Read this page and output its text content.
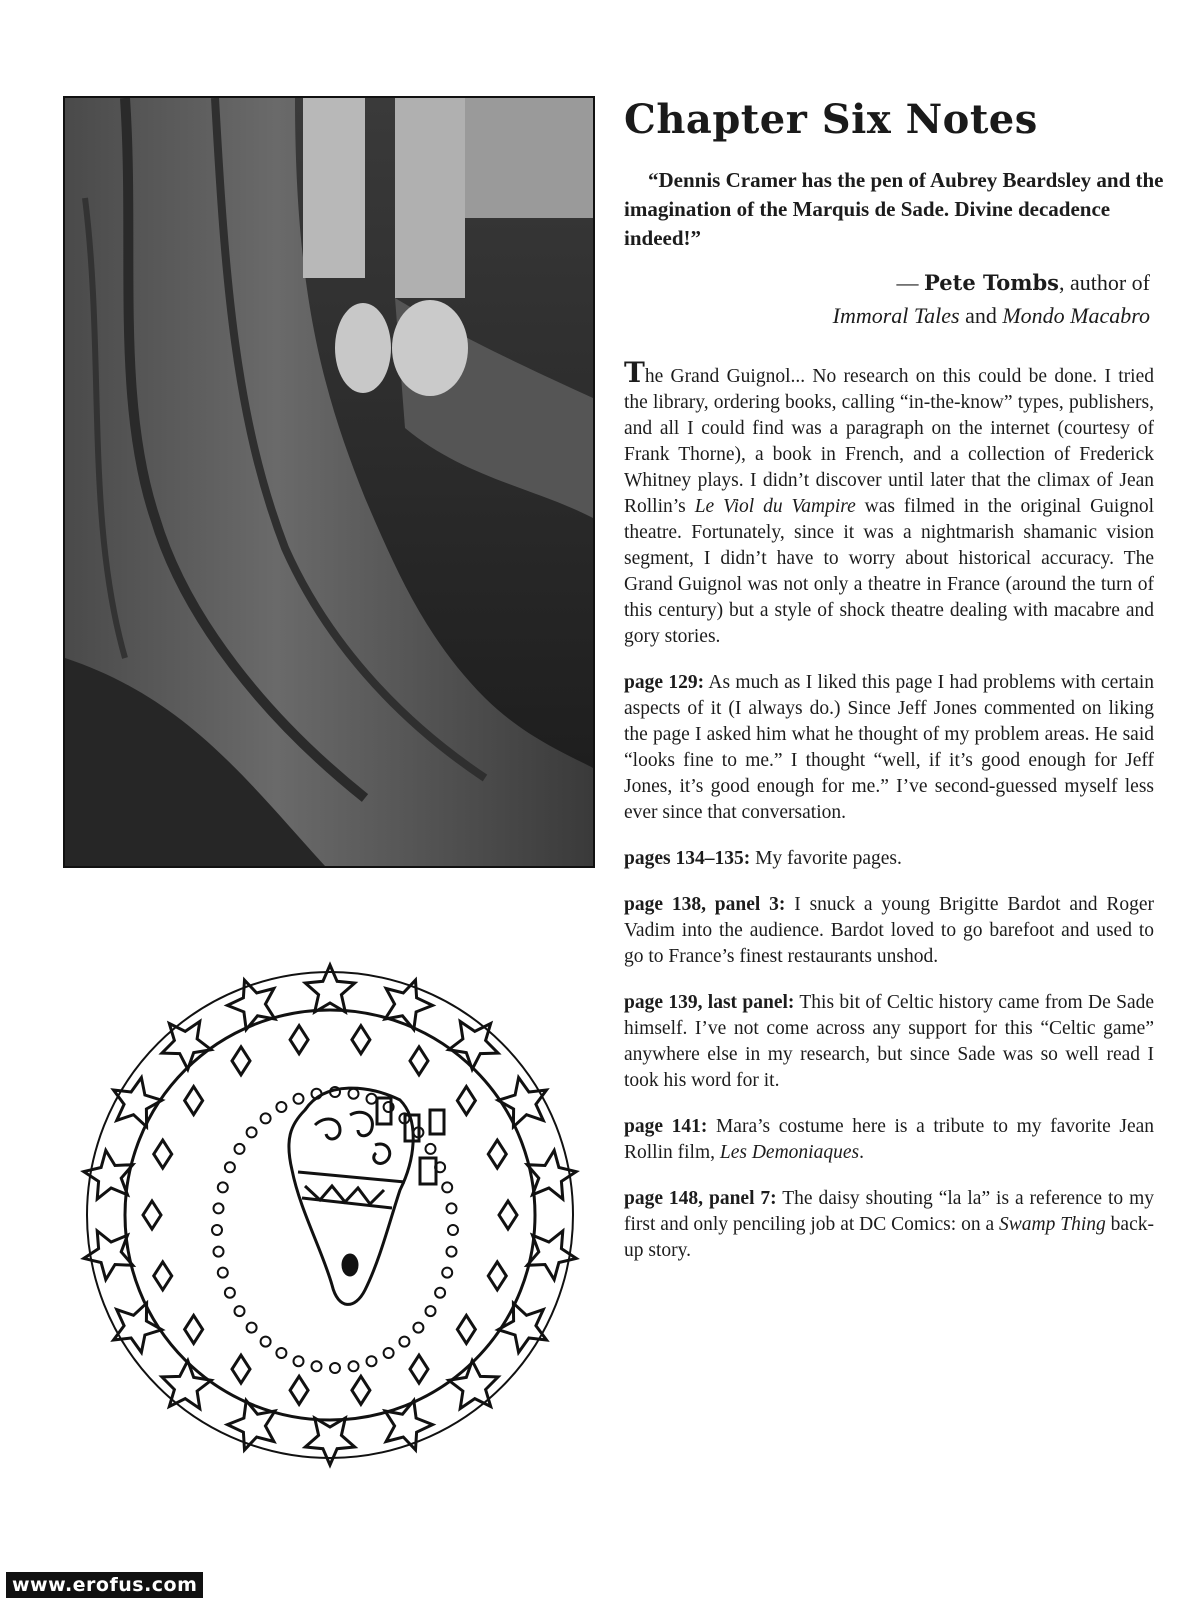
Chapter Six Notes
“Dennis Cramer has the pen of Aubrey Beardsley and the imagination of the Marquis de Sade. Divine decadence indeed!”
— Pete Tombs, author of
Immoral Tales and Mondo Macabro

The Grand Guignol... No research on this could be done. I tried the library, ordering books, calling “in-the-know” types, publishers, and all I could find was a paragraph on the internet (courtesy of Frank Thorne), a book in French, and a collection of Frederick Whitney plays. I didn’t discover until later that the climax of Jean Rollin’s Le Viol du Vampire was filmed in the original Guignol theatre. Fortunately, since it was a nightmarish shamanic vision segment, I didn’t have to worry about historical accuracy. The Grand Guignol was not only a theatre in France (around the turn of this century) but a style of shock theatre dealing with macabre and gory stories.

page 129: As much as I liked this page I had problems with certain aspects of it (I always do.) Since Jeff Jones commented on liking the page I asked him what he thought of my problem areas. He said “looks fine to me.” I thought “well, if it’s good enough for Jeff Jones, it’s good enough for me.” I’ve second-guessed myself less ever since that conversation.

pages 134–135: My favorite pages.

page 138, panel 3: I snuck a young Brigitte Bardot and Roger Vadim into the audience. Bardot loved to go barefoot and used to go to France’s finest restaurants unshod.

page 139, last panel: This bit of Celtic history came from De Sade himself. I’ve not come across any support for this “Celtic game” anywhere else in my research, but since Sade was so well read I took his word for it.

page 141: Mara’s costume here is a tribute to my favorite Jean Rollin film, Les Demoniaques.

page 148, panel 7: The daisy shouting “la la” is a reference to my first and only penciling job at DC Comics: on a Swamp Thing back-up story.

www.erofus.com
